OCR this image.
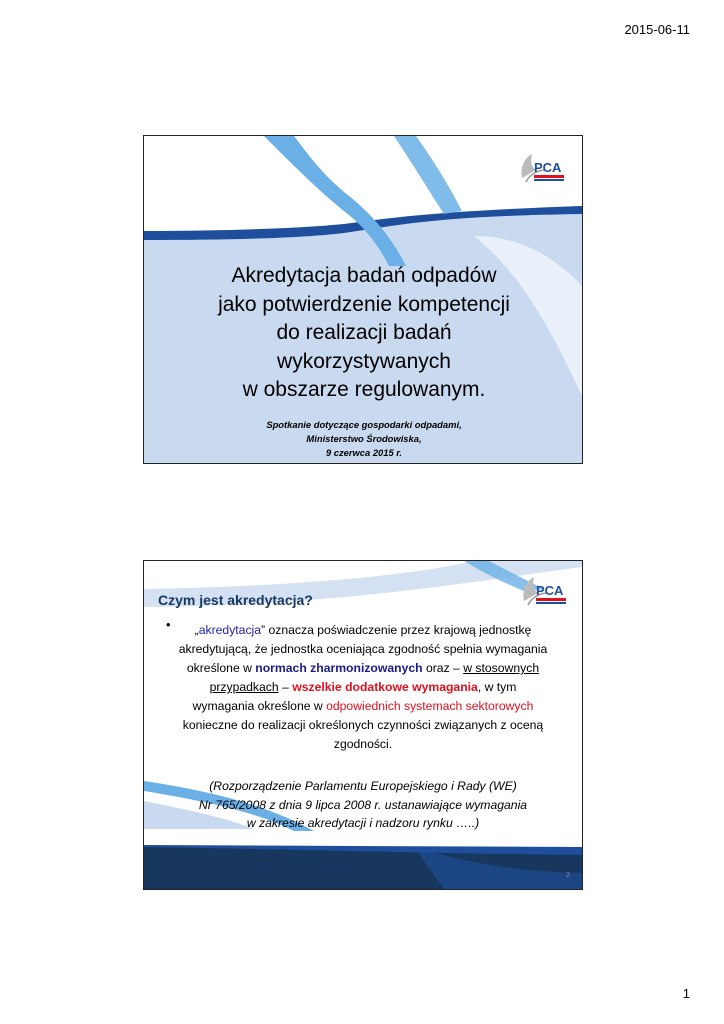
2015-06-11
PCA
Akredytacja badań odpadów
jako potwierdzenie kompetencji
do realizacji badań
wykorzystywanych
w obszarze regulowanym.
Spotkanie dotyczące gospodarki odpadami,
Ministerstwo Środowiska,
9 czerwca 2015 r.
PCA
Czym jest akredytacja?
•	„akredytacja” oznacza poświadczenie przez krajową jednostkę akredytującą, że jednostka oceniająca zgodność spełnia wymagania określone w normach zharmonizowanych oraz – w stosownych przypadkach – wszelkie dodatkowe wymagania, w tym wymagania określone w odpowiednich systemach sektorowych konieczne do realizacji określonych czynności związanych z oceną zgodności.
(Rozporządzenie Parlamentu Europejskiego i Rady (WE)
Nr 765/2008 z dnia 9 lipca 2008 r. ustanawiające wymagania
w zakresie akredytacji i nadzoru rynku …..)
2
1
